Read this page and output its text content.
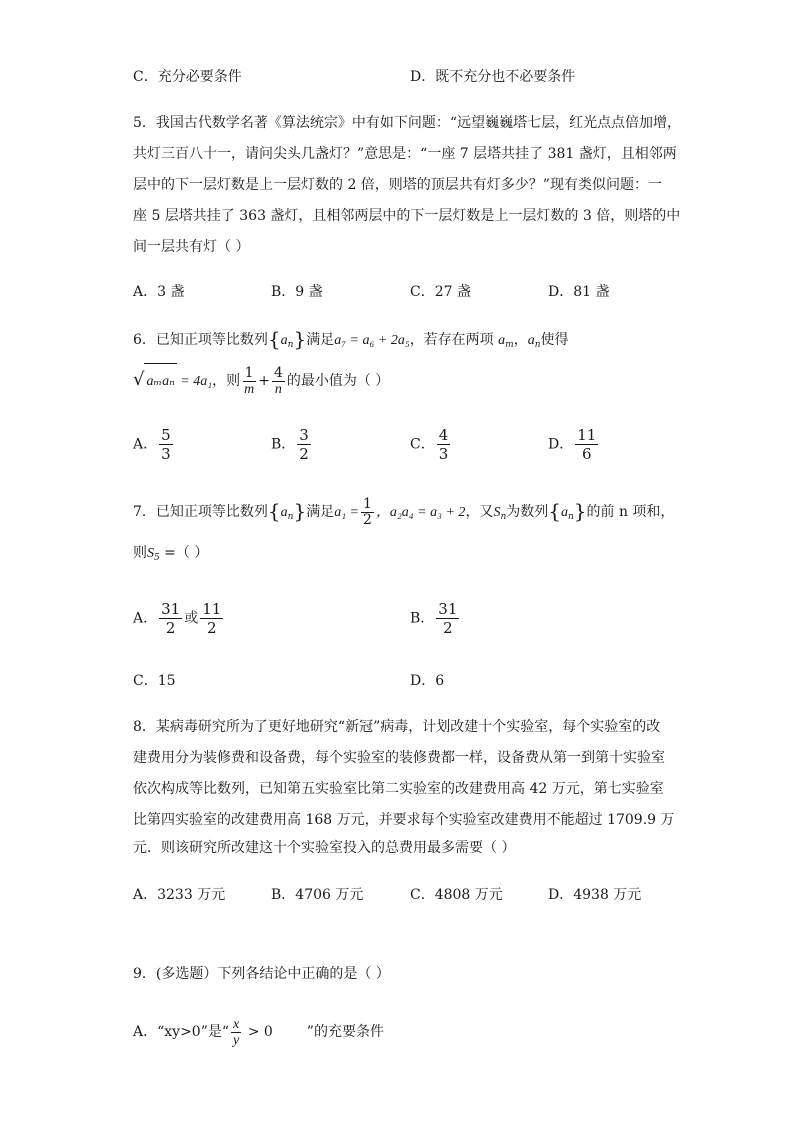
C．充分必要条件	D．既不充分也不必要条件
5．我国古代数学名著《算法统宗》中有如下问题：“远望巍巍塔七层，红光点点倍加增，
共灯三百八十一，请问尖头几盏灯？”意思是：“一座 7 层塔共挂了 381 盏灯，且相邻两
层中的下一层灯数是上一层灯数的 2 倍，则塔的顶层共有灯多少？”现有类似问题：一
座 5 层塔共挂了 363 盏灯，且相邻两层中的下一层灯数是上一层灯数的 3 倍，则塔的中
间一层共有灯（ ）
A．3 盏	B．9 盏	C．27 盏	D．81 盏
6．已知正项等比数列$\{a_n\}$满足a₇ = a₆ + 2a₅，若存在两项 $a_m$，$a_n$使得
√ aₘaₙ = 4a₁，则 $\frac{1}{m} + \frac{4}{n}$ 的最小值为（ ）
A． $\frac{5}{3}$	B． $\frac{3}{2}$	C． $\frac{4}{3}$	D． $\frac{11}{6}$
7．已知正项等比数列$\{a_n\}$满足$a_1 = \frac{1}{2}$ ，a₂a₄ = a₃ + 2，又$S_n$为数列$\{a_n\}$的前 n 项和，
则$S_5$ =（ ）
A． $\frac{31}{2}$ 或 $\frac{11}{2}$	B． $\frac{31}{2}$
C．15	D．6
8．某病毒研究所为了更好地研究“新冠”病毒，计划改建十个实验室，每个实验室的改
建费用分为装修费和设备费，每个实验室的装修费都一样，设备费从第一到第十实验室
依次构成等比数列，已知第五实验室比第二实验室的改建费用高 42 万元，第七实验室
比第四实验室的改建费用高 168 万元，并要求每个实验室改建费用不能超过 1709.9 万
元．则该研究所改建这十个实验室投入的总费用最多需要（ ）
A．3233 万元	B．4706 万元	C．4808 万元	D．4938 万元
9．(多选题）下列各结论中正确的是（ ）
A．“xy>0”是“ $\frac{x}{y} > 0$ ”的充要条件
